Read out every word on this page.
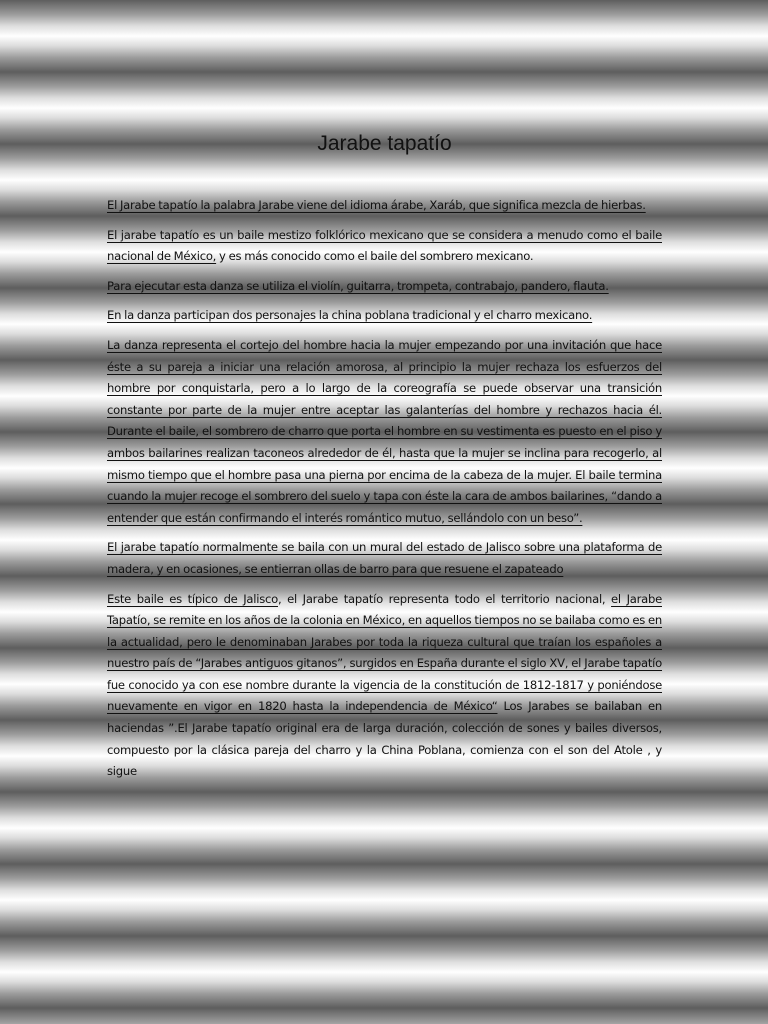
Jarabe tapatío

El Jarabe tapatío la palabra Jarabe viene del idioma árabe, Xaráb, que significa mezcla de hierbas.

El jarabe tapatío es un baile mestizo folklórico mexicano que se considera a menudo como el baile nacional de México, y es más conocido como el baile del sombrero mexicano.

Para ejecutar esta danza se utiliza el violín, guitarra, trompeta, contrabajo, pandero, flauta.

En la danza participan dos personajes la china poblana tradicional y el charro mexicano.

La danza representa el cortejo del hombre hacia la mujer empezando por una invitación que hace éste a su pareja a iniciar una relación amorosa, al principio la mujer rechaza los esfuerzos del hombre por conquistarla, pero a lo largo de la coreografía se puede observar una transición constante por parte de la mujer entre aceptar las galanterías del hombre y rechazos hacia él. Durante el baile, el sombrero de charro que porta el hombre en su vestimenta es puesto en el piso y ambos bailarines realizan taconeos alrededor de él, hasta que la mujer se inclina para recogerlo, al mismo tiempo que el hombre pasa una pierna por encima de la cabeza de la mujer. El baile termina cuando la mujer recoge el sombrero del suelo y tapa con éste la cara de ambos bailarines, “dando a entender que están confirmando el interés romántico mutuo, sellándolo con un beso”.

El jarabe tapatío normalmente se baila con un mural del estado de Jalisco sobre una plataforma de madera, y en ocasiones, se entierran ollas de barro para que resuene el zapateado

Este baile es típico de Jalisco, el Jarabe tapatío representa todo el territorio nacional, el Jarabe Tapatío, se remite en los años de la colonia en México, en aquellos tiempos no se bailaba como es en la actualidad, pero le denominaban Jarabes por toda la riqueza cultural que traían los españoles a nuestro país de “Jarabes antiguos gitanos”, surgidos en España durante el siglo XV, el Jarabe tapatío fue conocido ya con ese nombre durante la vigencia de la constitución de 1812-1817 y poniéndose nuevamente en vigor en 1820 hasta la independencia de México“ Los Jarabes se bailaban en haciendas ”.El Jarabe tapatío original era de larga duración, colección de sones y bailes diversos, compuesto por la clásica pareja del charro y la China Poblana, comienza con el son del Atole , y sigue
